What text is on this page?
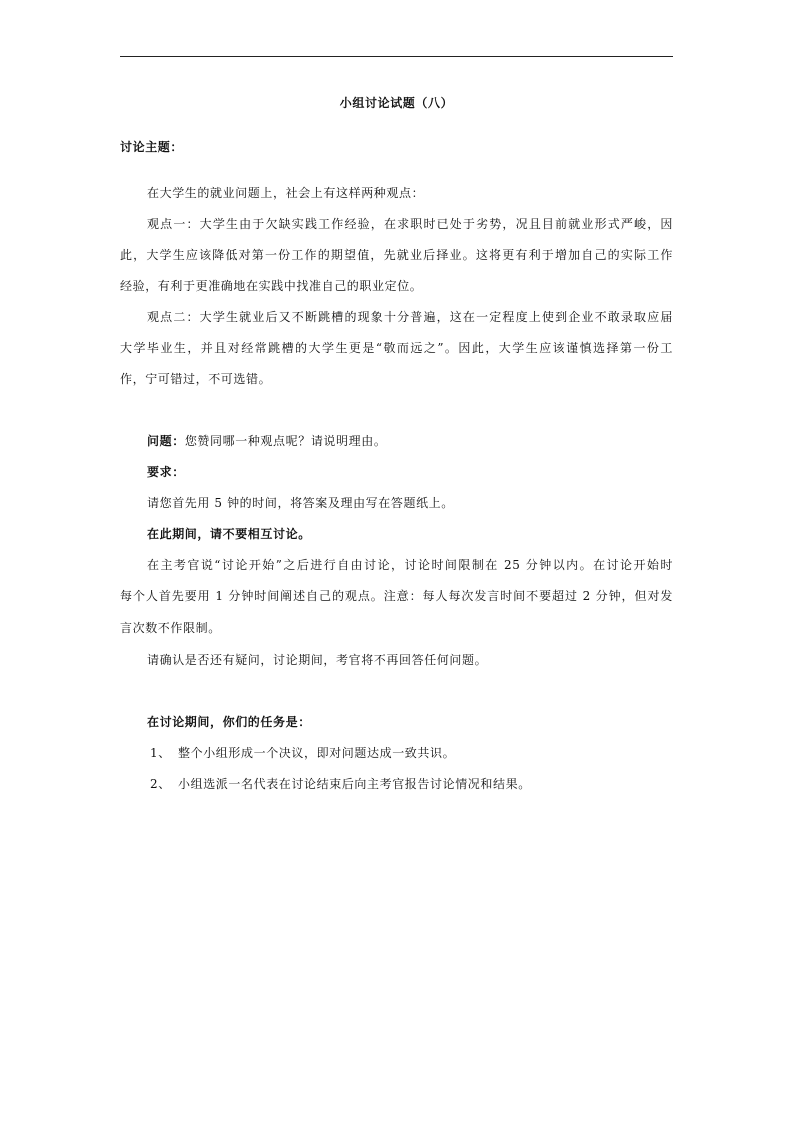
小组讨论试题（八）
讨论主题：
在大学生的就业问题上，社会上有这样两种观点：
观点一：大学生由于欠缺实践工作经验，在求职时已处于劣势，况且目前就业形式严峻，因
此，大学生应该降低对第一份工作的期望值，先就业后择业。这将更有利于增加自己的实际工作
经验，有利于更准确地在实践中找准自己的职业定位。
观点二：大学生就业后又不断跳槽的现象十分普遍，这在一定程度上使到企业不敢录取应届
大学毕业生，并且对经常跳槽的大学生更是“敬而远之”。因此，大学生应该谨慎选择第一份工
作，宁可错过，不可选错。
问题：您赞同哪一种观点呢？请说明理由。
要求：
请您首先用 5 钟的时间，将答案及理由写在答题纸上。
在此期间，请不要相互讨论。
在主考官说“讨论开始”之后进行自由讨论，讨论时间限制在 25 分钟以内。在讨论开始时
每个人首先要用 1 分钟时间阐述自己的观点。注意：每人每次发言时间不要超过 2 分钟，但对发
言次数不作限制。
请确认是否还有疑问，讨论期间，考官将不再回答任何问题。
在讨论期间，你们的任务是：
1、 整个小组形成一个决议，即对问题达成一致共识。
2、 小组选派一名代表在讨论结束后向主考官报告讨论情况和结果。
